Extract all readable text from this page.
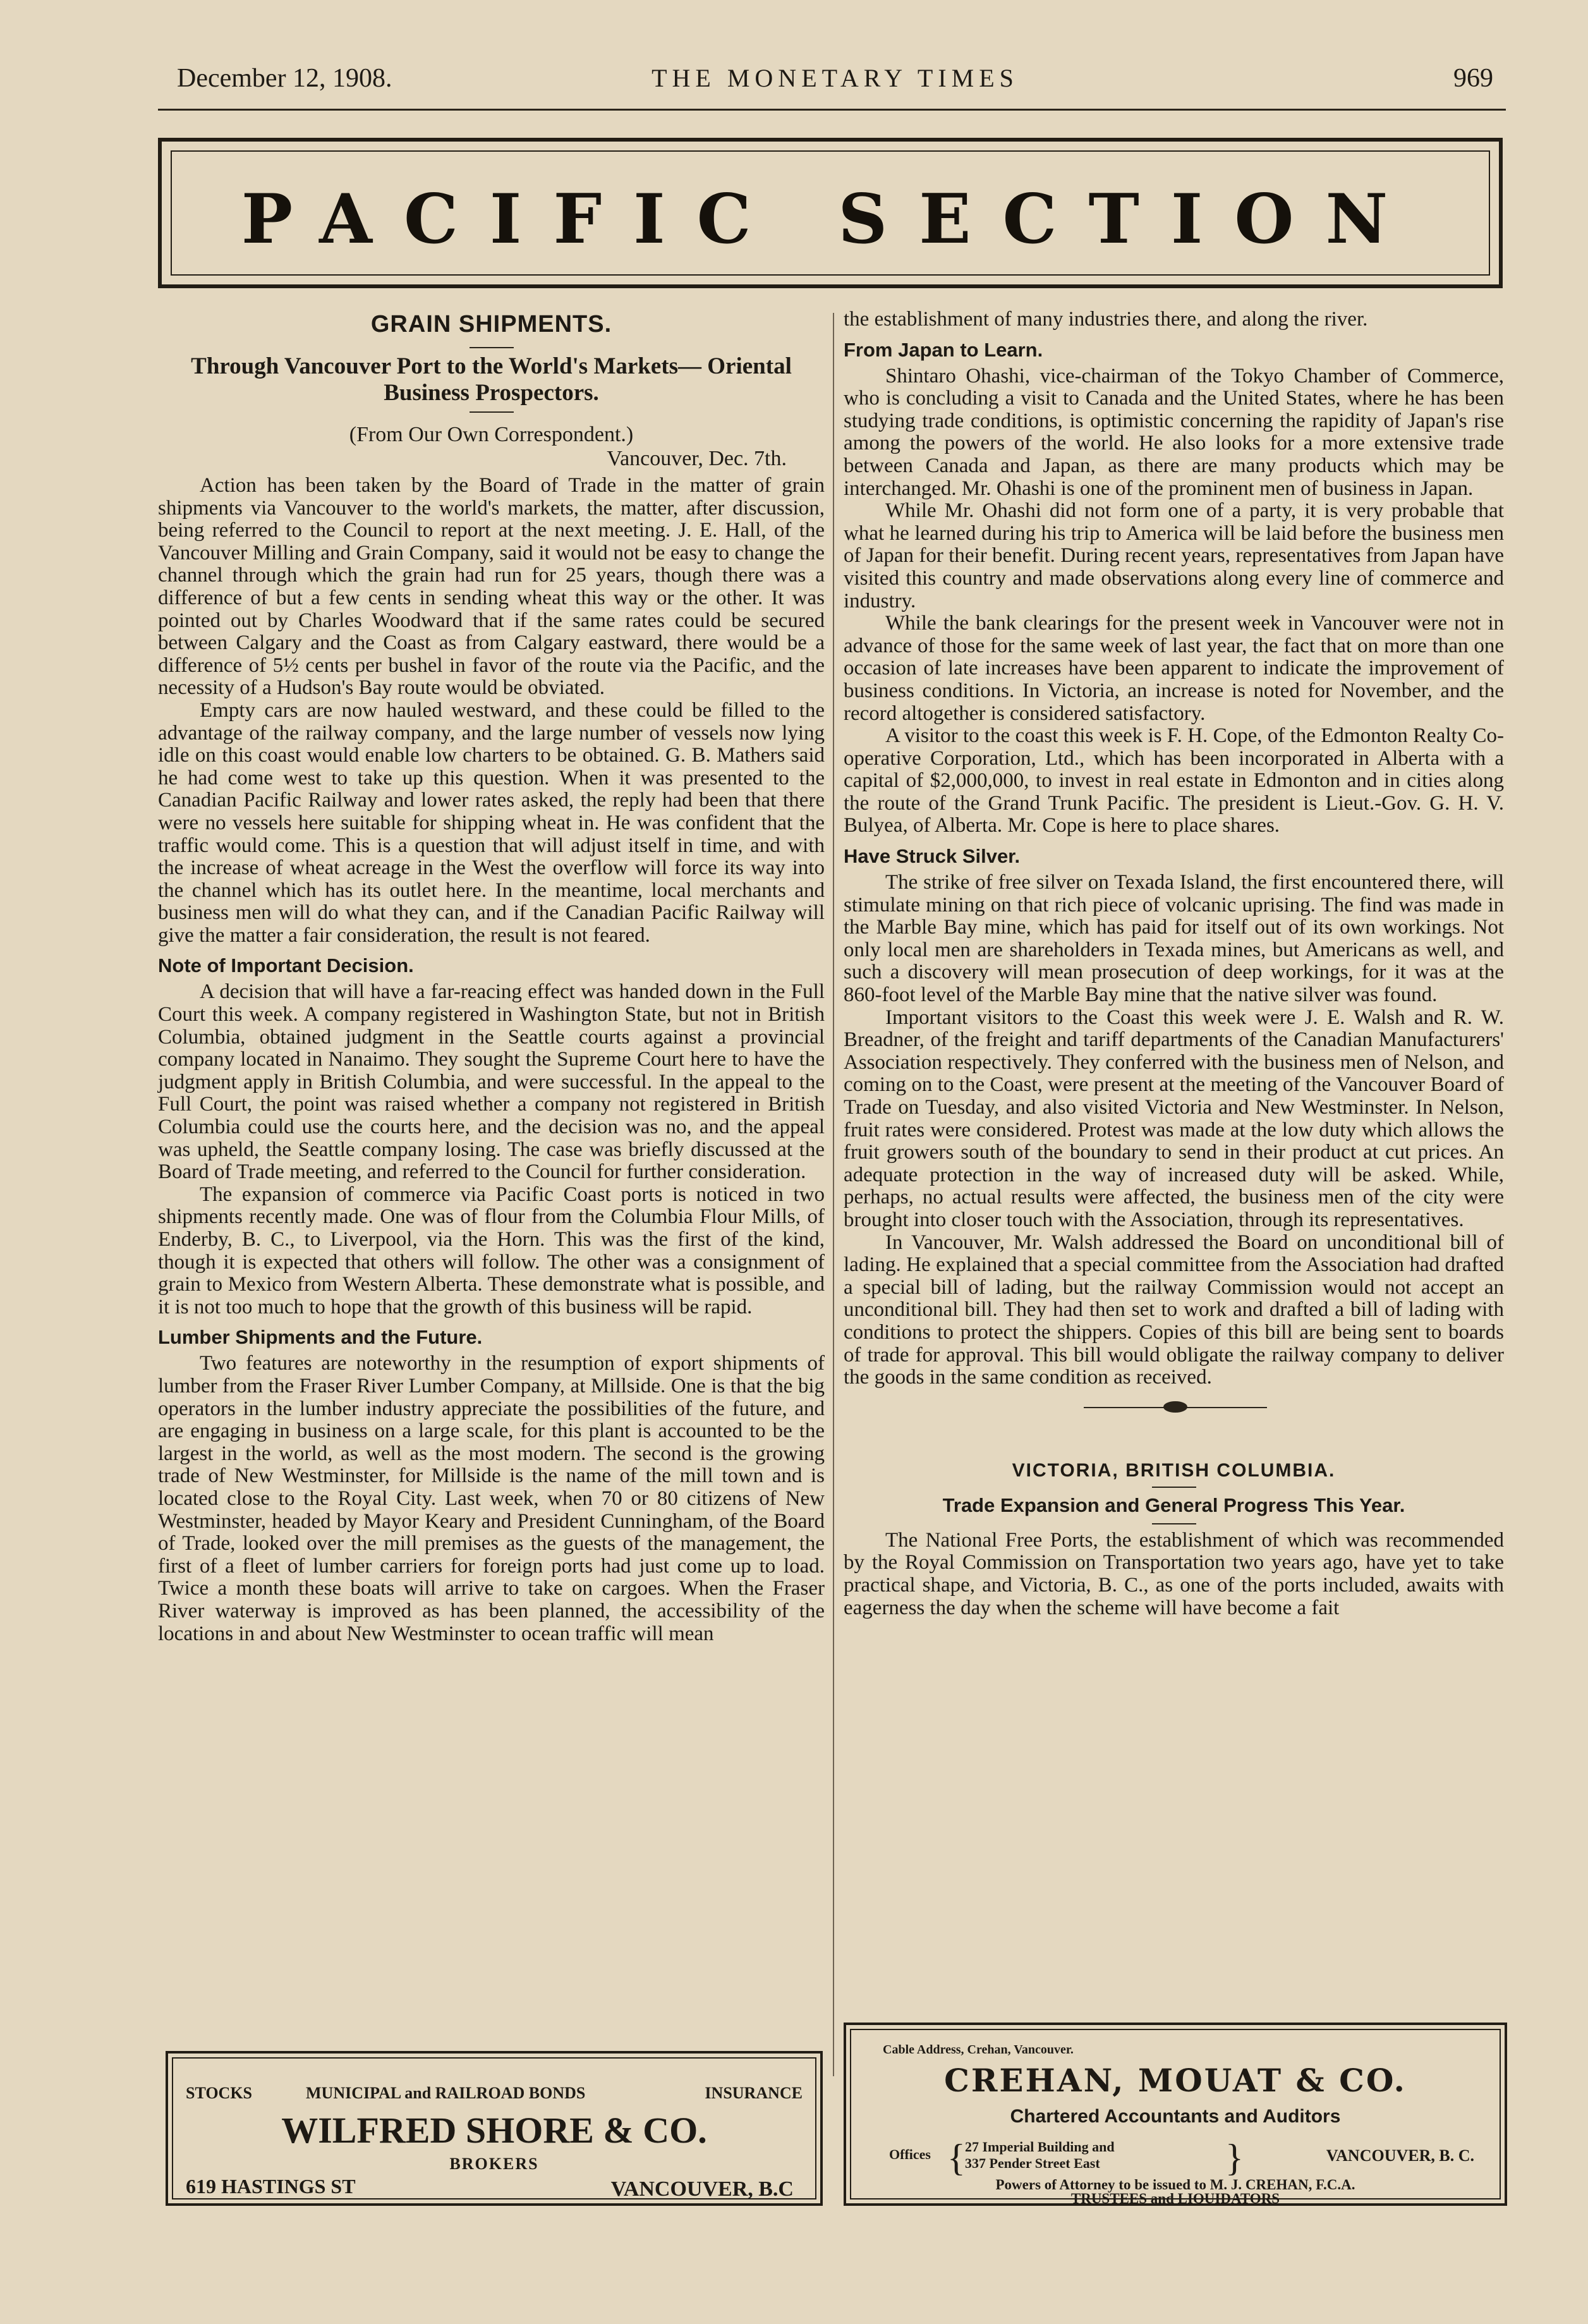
December 12, 1908.	THE MONETARY TIMES	969
PACIFIC SECTION
GRAIN SHIPMENTS.
Through Vancouver Port to the World's Markets— Oriental Business Prospectors.
(From Our Own Correspondent.)
Vancouver, Dec. 7th.

Action has been taken by the Board of Trade in the matter of grain shipments via Vancouver to the world's markets, the matter, after discussion, being referred to the Council to report at the next meeting. J. E. Hall, of the Vancouver Milling and Grain Company, said it would not be easy to change the channel through which the grain had run for 25 years, though there was a difference of but a few cents in sending wheat this way or the other. It was pointed out by Charles Woodward that if the same rates could be secured between Calgary and the Coast as from Calgary eastward, there would be a difference of 5½ cents per bushel in favor of the route via the Pacific, and the necessity of a Hudson's Bay route would be obviated.

Empty cars are now hauled westward, and these could be filled to the advantage of the railway company, and the large number of vessels now lying idle on this coast would enable low charters to be obtained. G. B. Mathers said he had come west to take up this question. When it was presented to the Canadian Pacific Railway and lower rates asked, the reply had been that there were no vessels here suitable for shipping wheat in. He was confident that the traffic would come. This is a question that will adjust itself in time, and with the increase of wheat acreage in the West the overflow will force its way into the channel which has its outlet here. In the meantime, local merchants and business men will do what they can, and if the Canadian Pacific Railway will give the matter a fair consideration, the result is not feared.

Note of Important Decision.

A decision that will have a far-reacing effect was handed down in the Full Court this week. A company registered in Washington State, but not in British Columbia, obtained judgment in the Seattle courts against a provincial company located in Nanaimo. They sought the Supreme Court here to have the judgment apply in British Columbia, and were successful. In the appeal to the Full Court, the point was raised whether a company not registered in British Columbia could use the courts here, and the decision was no, and the appeal was upheld, the Seattle company losing. The case was briefly discussed at the Board of Trade meeting, and referred to the Council for further consideration.

The expansion of commerce via Pacific Coast ports is noticed in two shipments recently made. One was of flour from the Columbia Flour Mills, of Enderby, B. C., to Liverpool, via the Horn. This was the first of the kind, though it is expected that others will follow. The other was a consignment of grain to Mexico from Western Alberta. These demonstrate what is possible, and it is not too much to hope that the growth of this business will be rapid.

Lumber Shipments and the Future.

Two features are noteworthy in the resumption of export shipments of lumber from the Fraser River Lumber Company, at Millside. One is that the big operators in the lumber industry appreciate the possibilities of the future, and are engaging in business on a large scale, for this plant is accounted to be the largest in the world, as well as the most modern. The second is the growing trade of New Westminster, for Millside is the name of the mill town and is located close to the Royal City. Last week, when 70 or 80 citizens of New Westminster, headed by Mayor Keary and President Cunningham, of the Board of Trade, looked over the mill premises as the guests of the management, the first of a fleet of lumber carriers for foreign ports had just come up to load. Twice a month these boats will arrive to take on cargoes. When the Fraser River waterway is improved as has been planned, the accessibility of the locations in and about New Westminster to ocean traffic will mean

the establishment of many industries there, and along the river.

From Japan to Learn.

Shintaro Ohashi, vice-chairman of the Tokyo Chamber of Commerce, who is concluding a visit to Canada and the United States, where he has been studying trade conditions, is optimistic concerning the rapidity of Japan's rise among the powers of the world. He also looks for a more extensive trade between Canada and Japan, as there are many products which may be interchanged. Mr. Ohashi is one of the prominent men of business in Japan.

While Mr. Ohashi did not form one of a party, it is very probable that what he learned during his trip to America will be laid before the business men of Japan for their benefit. During recent years, representatives from Japan have visited this country and made observations along every line of commerce and industry.

While the bank clearings for the present week in Vancouver were not in advance of those for the same week of last year, the fact that on more than one occasion of late increases have been apparent to indicate the improvement of business conditions. In Victoria, an increase is noted for November, and the record altogether is considered satisfactory.

A visitor to the coast this week is F. H. Cope, of the Edmonton Realty Co-operative Corporation, Ltd., which has been incorporated in Alberta with a capital of $2,000,000, to invest in real estate in Edmonton and in cities along the route of the Grand Trunk Pacific. The president is Lieut.-Gov. G. H. V. Bulyea, of Alberta. Mr. Cope is here to place shares.

Have Struck Silver.

The strike of free silver on Texada Island, the first encountered there, will stimulate mining on that rich piece of volcanic uprising. The find was made in the Marble Bay mine, which has paid for itself out of its own workings. Not only local men are shareholders in Texada mines, but Americans as well, and such a discovery will mean prosecution of deep workings, for it was at the 860-foot level of the Marble Bay mine that the native silver was found.

Important visitors to the Coast this week were J. E. Walsh and R. W. Breadner, of the freight and tariff departments of the Canadian Manufacturers' Association respectively. They conferred with the business men of Nelson, and coming on to the Coast, were present at the meeting of the Vancouver Board of Trade on Tuesday, and also visited Victoria and New Westminster. In Nelson, fruit rates were considered. Protest was made at the low duty which allows the fruit growers south of the boundary to send in their product at cut prices. An adequate protection in the way of increased duty will be asked. While, perhaps, no actual results were affected, the business men of the city were brought into closer touch with the Association, through its representatives.

In Vancouver, Mr. Walsh addressed the Board on unconditional bill of lading. He explained that a special committee from the Association had drafted a special bill of lading, but the railway Commission would not accept an unconditional bill. They had then set to work and drafted a bill of lading with conditions to protect the shippers. Copies of this bill are being sent to boards of trade for approval. This bill would obligate the railway company to deliver the goods in the same condition as received.

VICTORIA, BRITISH COLUMBIA.
Trade Expansion and General Progress This Year.

The National Free Ports, the establishment of which was recommended by the Royal Commission on Transportation two years ago, have yet to take practical shape, and Victoria, B. C., as one of the ports included, awaits with eagerness the day when the scheme will have become a fait

STOCKS	MUNICIPAL and RAILROAD BONDS	INSURANCE
WILFRED SHORE & CO.
BROKERS
619 HASTINGS ST	VANCOUVER, B.C
Cable Address, Crehan, Vancouver.
CREHAN, MOUAT & CO.
Chartered Accountants and Auditors
Offices { 27 Imperial Building and
337 Pender Street East	}	VANCOUVER, B. C.
Powers of Attorney to be issued to M. J. CREHAN, F.C.A.
TRUSTEES and LIQUIDATORS
